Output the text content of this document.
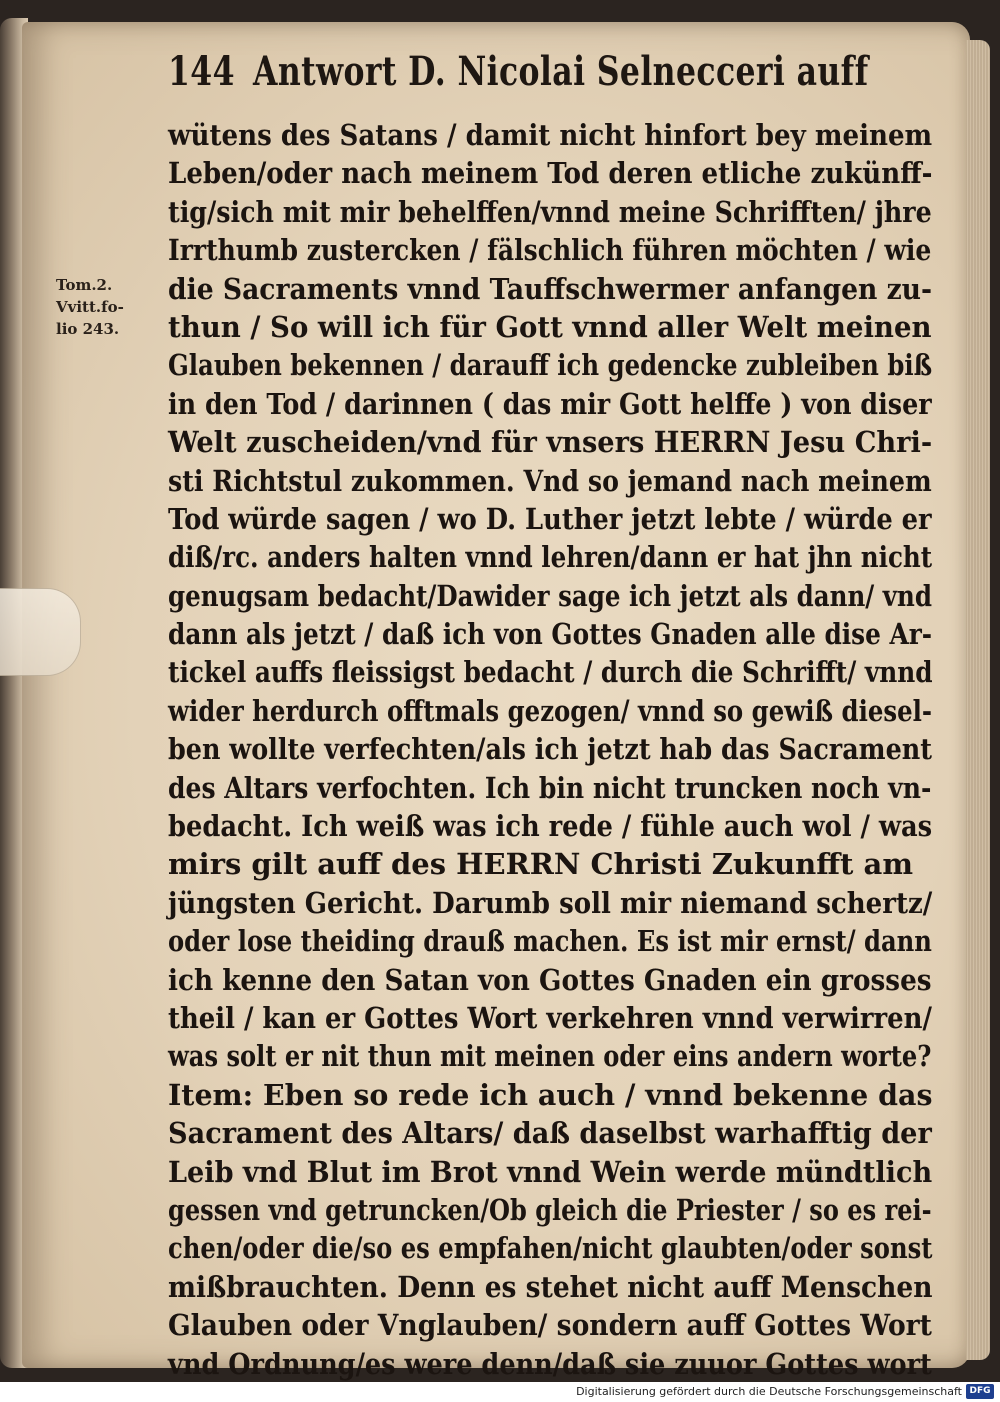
144 Antwort D. Nicolai Selnecceri auff
Tom.2.
Vvitt.fo-
lio 243.
wütens des Satans / damit nicht hinfort bey meinem
Leben/oder nach meinem Tod deren etliche zukünff-
tig/sich mit mir behelffen/vnnd meine Schrifften/ jhre
Irrthumb zustercken / fälschlich führen möchten / wie
die Sacraments vnnd Tauffschwermer anfangen zu-
thun / So will ich für Gott vnnd aller Welt meinen
Glauben bekennen / darauff ich gedencke zubleiben biß
in den Tod / darinnen ( das mir Gott helffe ) von diser
Welt zuscheiden/vnd für vnsers HERRN Jesu Chri-
sti Richtstul zukommen. Vnd so jemand nach meinem
Tod würde sagen / wo D. Luther jetzt lebte / würde er
diß/rc. anders halten vnnd lehren/dann er hat jhn nicht
genugsam bedacht/Dawider sage ich jetzt als dann/ vnd
dann als jetzt / daß ich von Gottes Gnaden alle dise Ar-
tickel auffs fleissigst bedacht / durch die Schrifft/ vnnd
wider herdurch offtmals gezogen/ vnnd so gewiß diesel-
ben wollte verfechten/als ich jetzt hab das Sacrament
des Altars verfochten. Ich bin nicht truncken noch vn-
bedacht. Ich weiß was ich rede / fühle auch wol / was
mirs gilt auff des HERRN Christi Zukunfft am
jüngsten Gericht. Darumb soll mir niemand schertz/
oder lose theiding drauß machen. Es ist mir ernst/ dann
ich kenne den Satan von Gottes Gnaden ein grosses
theil / kan er Gottes Wort verkehren vnnd verwirren/
was solt er nit thun mit meinen oder eins andern worte?
Item: Eben so rede ich auch / vnnd bekenne das
Sacrament des Altars/ daß daselbst warhafftig der
Leib vnd Blut im Brot vnnd Wein werde mündtlich
gessen vnd getruncken/Ob gleich die Priester / so es rei-
chen/oder die/so es empfahen/nicht glaubten/oder sonst
mißbrauchten. Denn es stehet nicht auff Menschen
Glauben oder Vnglauben/ sondern auff Gottes Wort
vnd Ordnung/es were denn/daß sie zuuor Gottes wort
Digitalisierung gefördert durch die Deutsche Forschungsgemeinschaft DFG
